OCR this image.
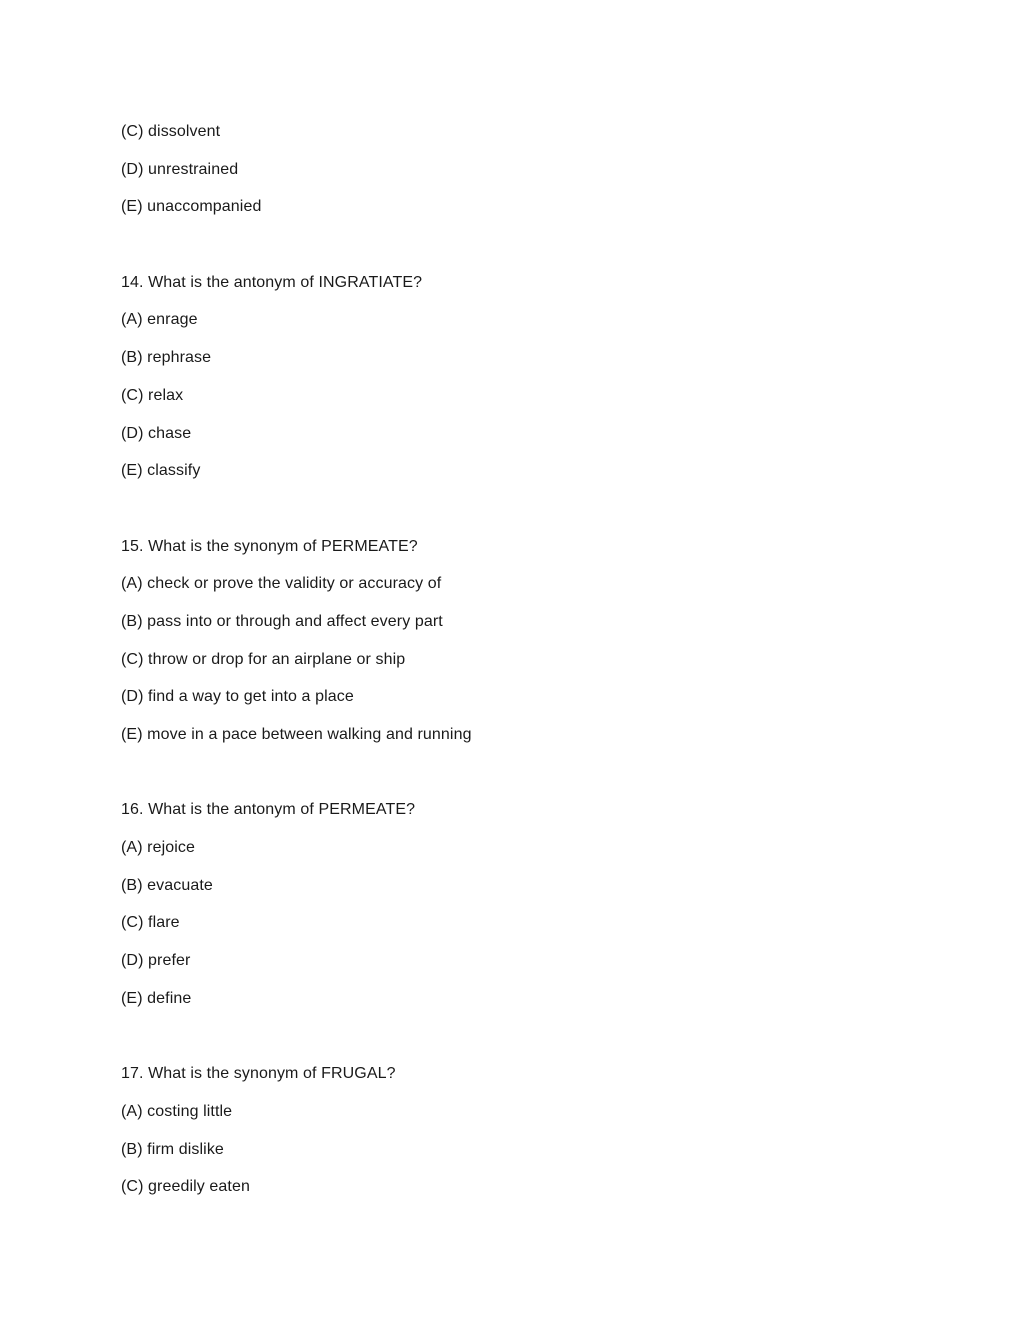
(C) dissolvent
(D) unrestrained
(E) unaccompanied
14. What is the antonym of INGRATIATE?
(A) enrage
(B) rephrase
(C) relax
(D) chase
(E) classify
15. What is the synonym of PERMEATE?
(A) check or prove the validity or accuracy of
(B) pass into or through and affect every part
(C) throw or drop for an airplane or ship
(D) find a way to get into a place
(E) move in a pace between walking and running
16. What is the antonym of PERMEATE?
(A) rejoice
(B) evacuate
(C) flare
(D) prefer
(E) define
17. What is the synonym of FRUGAL?
(A) costing little
(B) firm dislike
(C) greedily eaten
